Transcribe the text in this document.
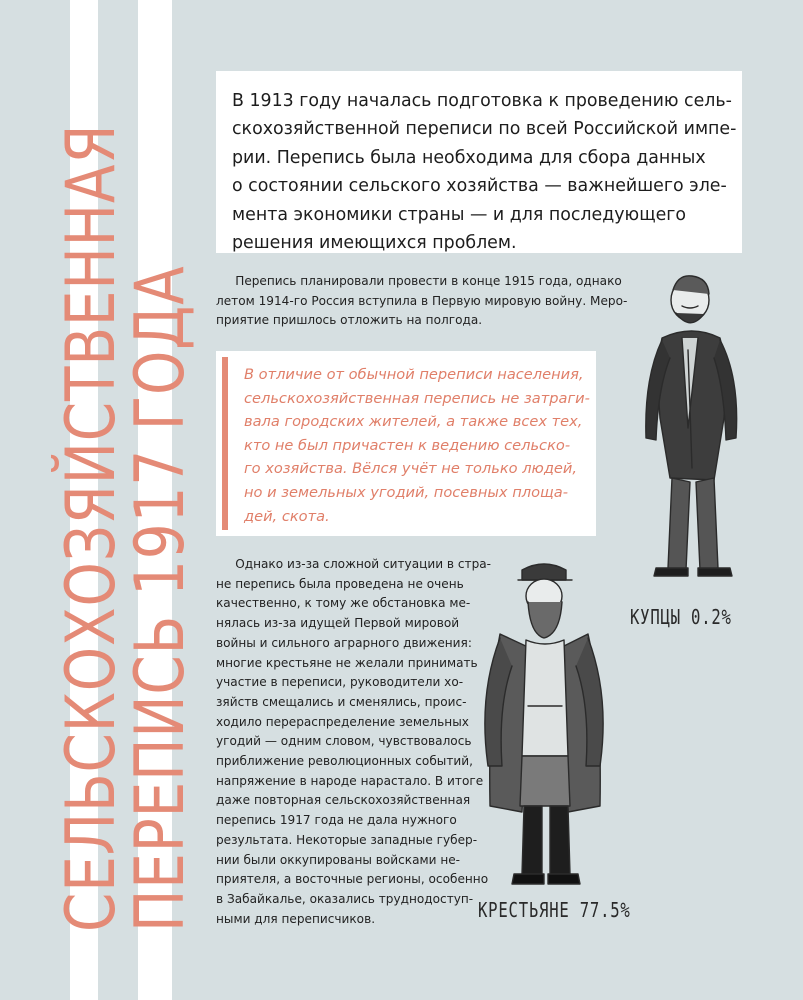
СЕЛЬСКОХОЗЯЙСТВЕННАЯ
ПЕРЕПИСЬ 1917 ГОДА

В 1913 году началась подготовка к проведению сель-
скохозяйственной переписи по всей Российской импе-
рии. Перепись была необходима для сбора данных
о состоянии сельского хозяйства — важнейшего эле-
мента экономики страны — и для последующего
решения имеющихся проблем.

Перепись планировали провести в конце 1915 года, однако
летом 1914-го Россия вступила в Первую мировую войну. Меро-
приятие пришлось отложить на полгода.

В отличие от обычной переписи населения,
сельскохозяйственная перепись не затраги-
вала городских жителей, а также всех тех,
кто не был причастен к ведению сельско-
го хозяйства. Вёлся учёт не только людей,
но и земельных угодий, посевных площа-
дей, скота.

Однако из-за сложной ситуации в стра-
не перепись была проведена не очень
качественно, к тому же обстановка ме-
нялась из-за идущей Первой мировой
войны и сильного аграрного движения:
многие крестьяне не желали принимать
участие в переписи, руководители хо-
зяйств смещались и сменялись, проис-
ходило перераспределение земельных
угодий — одним словом, чувствовалось
приближение революционных событий,
напряжение в народе нарастало. В итоге
даже повторная сельскохозяйственная
перепись 1917 года не дала нужного
результата. Некоторые западные губер-
нии были оккупированы войсками не-
приятеля, а восточные регионы, особенно
в Забайкалье, оказались труднодоступ-
ными для переписчиков.

КУПЦЫ 0.2%
КРЕСТЬЯНЕ 77.5%
